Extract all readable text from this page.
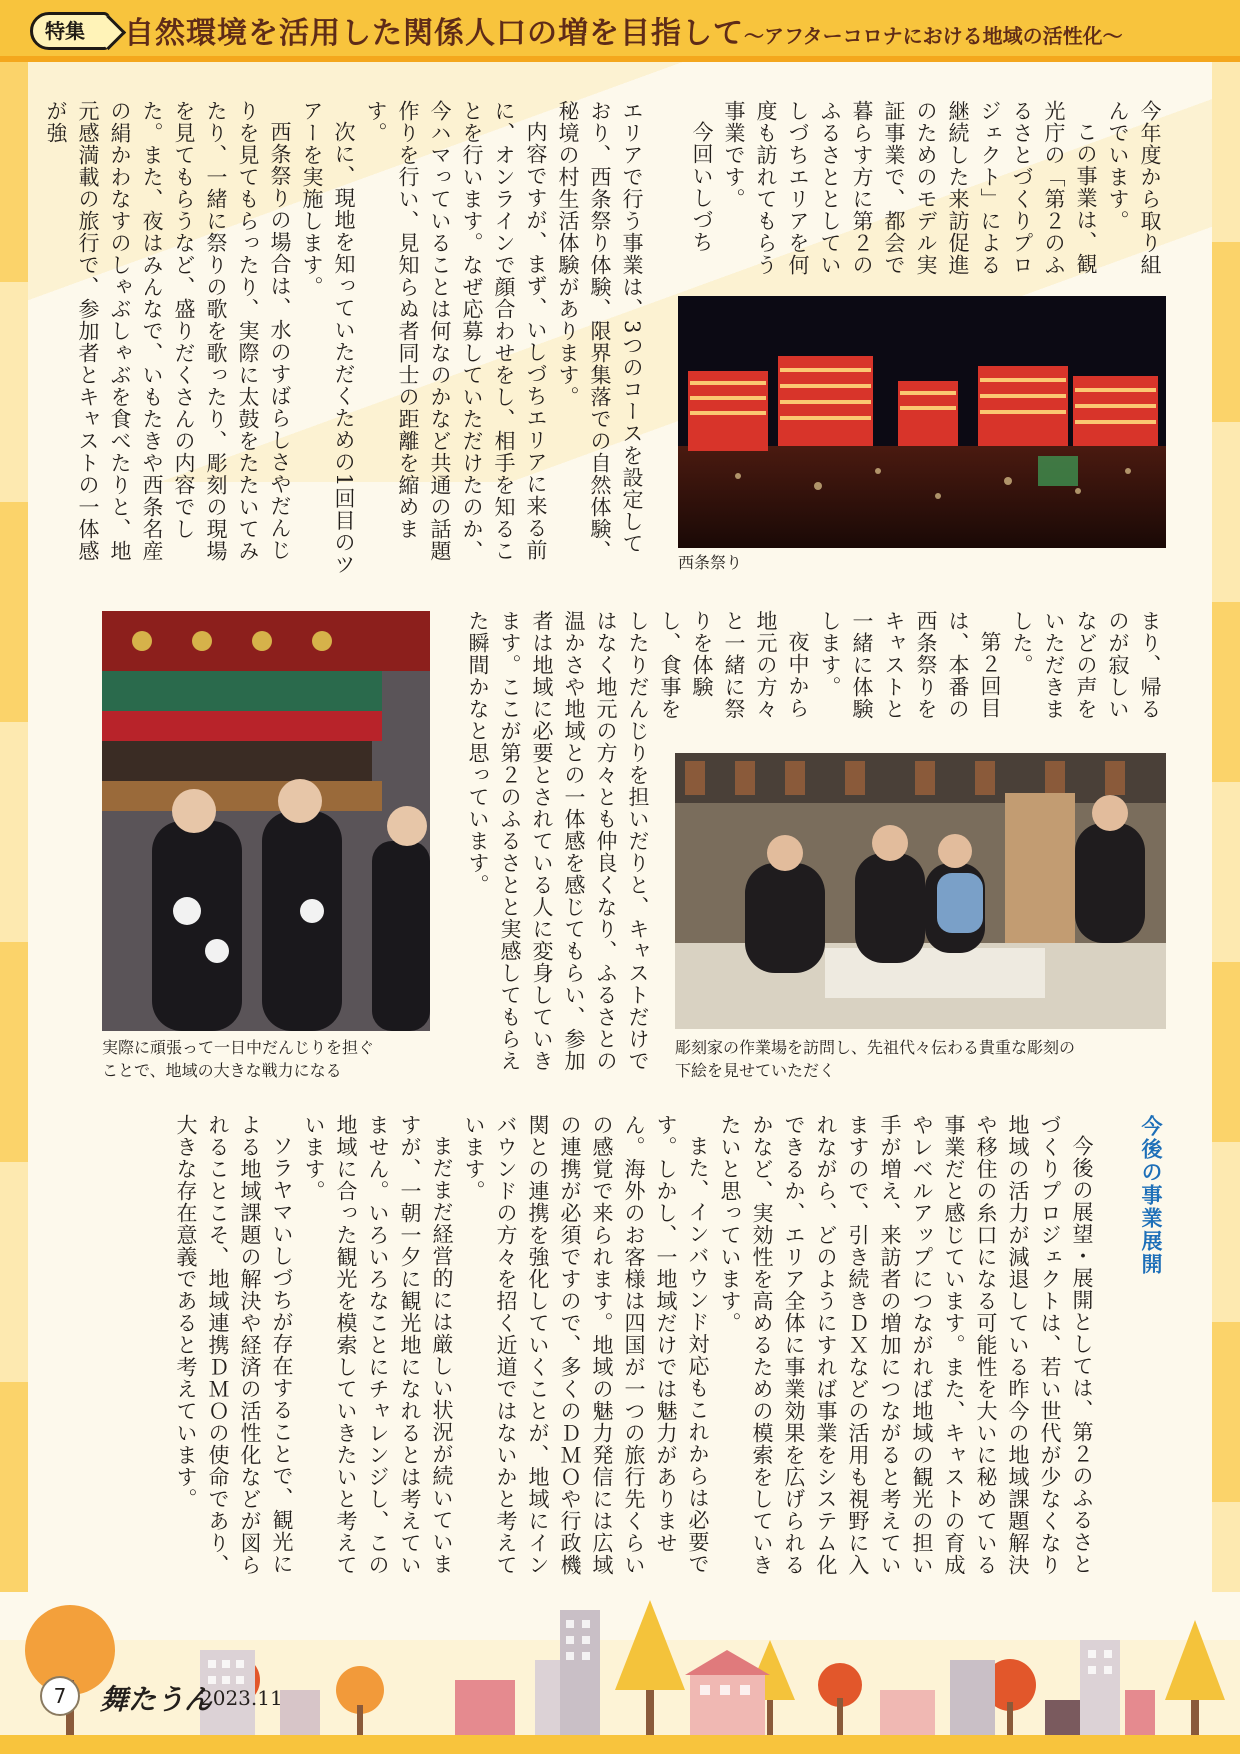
特集	自然環境を活用した関係人口の増を目指して〜アフターコロナにおける地域の活性化〜

今年度から取り組んでいます。

この事業は、観光庁の「第２のふるさとづくりプロジェクト」による継続した来訪促進のためのモデル実証事業で、都会で暮らす方に第２のふるさととしていしづちエリアを何度も訪れてもらう事業です。

今回いしづち

エリアで行う事業は、3つのコースを設定しており、西条祭り体験、限界集落での自然体験、秘境の村生活体験があります。

内容ですが、まず、いしづちエリアに来る前に、オンラインで顔合わせをし、相手を知ることを行います。なぜ応募していただけたのか、今ハマっていることは何なのかなど共通の話題作りを行い、見知らぬ者同士の距離を縮めます。

次に、現地を知っていただくための1回目のツアーを実施します。

西条祭りの場合は、水のすばらしさやだんじりを見てもらったり、実際に太鼓をたたいてみたり、一緒に祭りの歌を歌ったり、彫刻の現場を見てもらうなど、盛りだくさんの内容でした。また、夜はみんなで、いもたきや西条名産の絹かわなすのしゃぶしゃぶを食べたりと、地元感満載の旅行で、参加者とキャストの一体感が強

西条祭り

まり、帰るのが寂しいなどの声をいただきました。

第２回目は、本番の西条祭りをキャストと一緒に体験します。

夜中から地元の方々と一緒に祭りを体験し、食事を

したりだんじりを担いだりと、キャストだけではなく地元の方々とも仲良くなり、ふるさとの温かさや地域との一体感を感じてもらい、参加者は地域に必要とされている人に変身していきます。ここが第２のふるさとと実感してもらえた瞬間かなと思っています。

実際に頑張って一日中だんじりを担ぐ
ことで、地域の大きな戦力になる
彫刻家の作業場を訪問し、先祖代々伝わる貴重な彫刻の
下絵を見せていただく
今後の事業展開

今後の展望・展開としては、第２のふるさとづくりプロジェクトは、若い世代が少なくなり地域の活力が減退している昨今の地域課題解決や移住の糸口になる可能性を大いに秘めている事業だと感じています。また、キャストの育成やレベルアップにつながれば地域の観光の担い手が増え、来訪者の増加につながると考えていますので、引き続きＤＸなどの活用も視野に入れながら、どのようにすれば事業をシステム化できるか、エリア全体に事業効果を広げられるかなど、実効性を高めるための模索をしていきたいと思っています。

また、インバウンド対応もこれからは必要です。しかし、一地域だけでは魅力がありません。海外のお客様は四国が一つの旅行先くらいの感覚で来られます。地域の魅力発信には広域の連携が必須ですので、多くのＤＭＯや行政機関との連携を強化していくことが、地域にインバウンドの方々を招く近道ではないかと考えています。

まだまだ経営的には厳しい状況が続いていますが、一朝一夕に観光地になれるとは考えていません。いろいろなことにチャレンジし、この地域に合った観光を模索していきたいと考えています。

ソラヤマいしづちが存在することで、観光による地域課題の解決や経済の活性化などが図られることこそ、地域連携ＤＭＯの使命であり、大きな存在意義であると考えています。

7	舞たうん
2023.11
